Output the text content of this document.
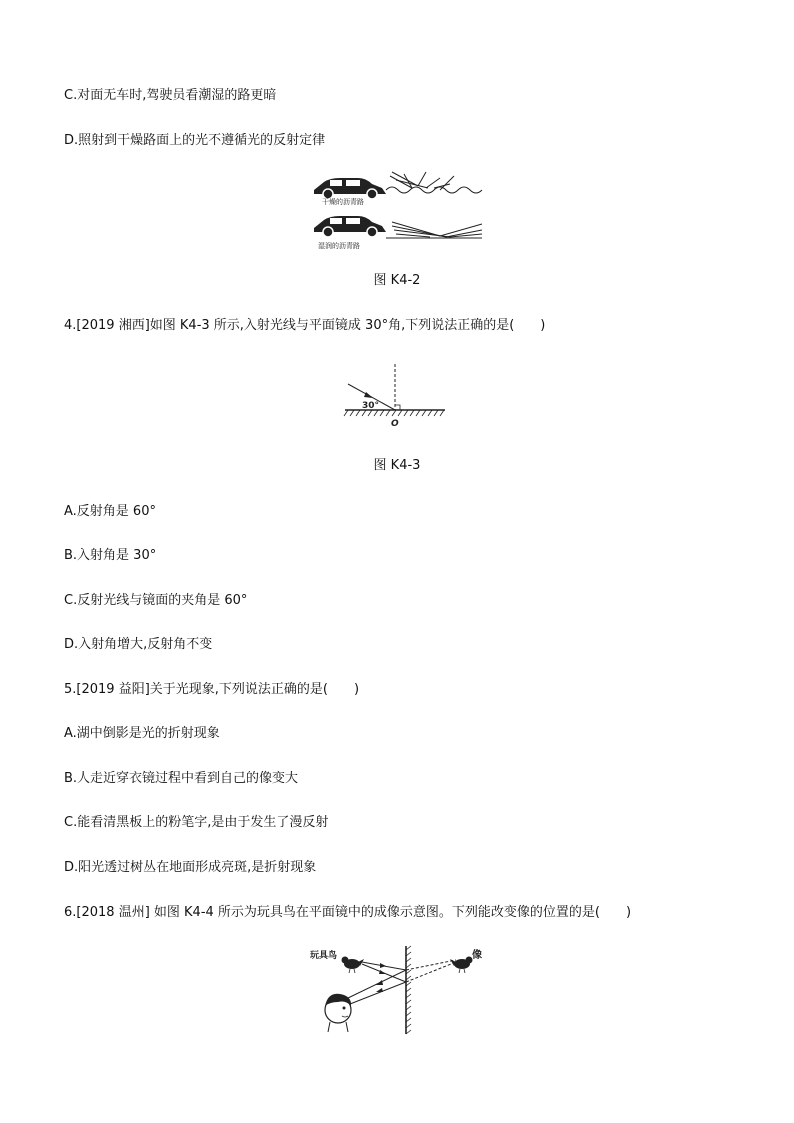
C.对面无车时,驾驶员看潮湿的路更暗
D.照射到干燥路面上的光不遵循光的反射定律
干燥的沥青路
湿润的沥青路
图 K4-2
4.[2019 湘西]如图 K4-3 所示,入射光线与平面镜成 30°角,下列说法正确的是(　　)
30°
O
图 K4-3
A.反射角是 60°
B.入射角是 30°
C.反射光线与镜面的夹角是 60°
D.入射角增大,反射角不变
5.[2019 益阳]关于光现象,下列说法正确的是(　　)
A.湖中倒影是光的折射现象
B.人走近穿衣镜过程中看到自己的像变大
C.能看清黑板上的粉笔字,是由于发生了漫反射
D.阳光透过树丛在地面形成亮斑,是折射现象
6.[2018 温州] 如图 K4-4 所示为玩具鸟在平面镜中的成像示意图。下列能改变像的位置的是(　　)
玩具鸟	像
